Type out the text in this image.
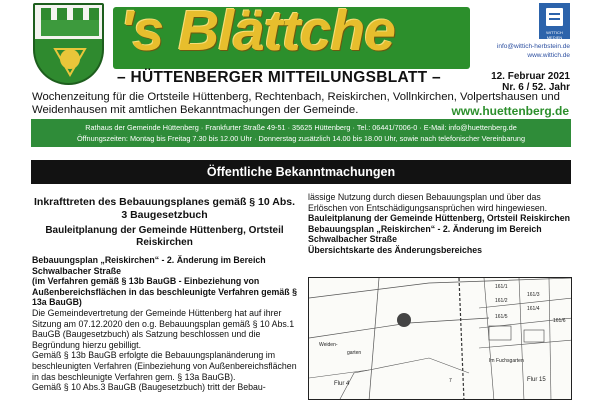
's Blättche
– HÜTTENBERGER MITTEILUNGSBLATT –
WITTICH MEDIEN
info@wittich-herbstein.de
www.wittich.de
12. Februar 2021
Nr. 6 / 52. Jahr
Wochenzeitung für die Ortsteile Hüttenberg, Rechtenbach, Reiskirchen, Vollnkirchen, Volpertshausen und Weidenhausen mit amtlichen Bekanntmachungen der Gemeinde.	www.huettenberg.de
Rathaus der Gemeinde Hüttenberg · Frankfurter Straße 49-51 · 35625 Hüttenberg · Tel.: 06441/7006-0 · E-Mail: info@huettenberg.de
Öffnungszeiten: Montag bis Freitag 7.30 bis 12.00 Uhr · Donnerstag zusätzlich 14.00 bis 18.00 Uhr, sowie nach telefonischer Vereinbarung
Öffentliche Bekanntmachungen
Inkrafttreten des Bebauungsplanes gemäß § 10 Abs. 3 Baugesetzbuch
Bauleitplanung der Gemeinde Hüttenberg, Ortsteil Reiskirchen
Bebauungsplan „Reiskirchen“ - 2. Änderung im Bereich Schwalbacher Straße
(im Verfahren gemäß § 13b BauGB - Einbeziehung von Außenbereichsflächen in das beschleunigte Verfahren gemäß § 13a BauGB)
Die Gemeindevertretung der Gemeinde Hüttenberg hat auf ihrer Sitzung am 07.12.2020 den o.g. Bebauungsplan gemäß § 10 Abs.1 BauGB (Baugesetzbuch) als Satzung beschlossen und die Begründung hierzu gebilligt.
Gemäß § 13b BauGB erfolgte die Bebauungsplanänderung im beschleunigten Verfahren (Einbeziehung von Außenbereichsflächen in das beschleunigte Verfahren gem. § 13a BauGB).
Gemäß § 10 Abs.3 BauGB (Baugesetzbuch) tritt der Bebau-
lässige Nutzung durch diesen Bebauungsplan und über das Erlöschen von Entschädigungsansprüchen wird hingewiesen.
Bauleitplanung der Gemeinde Hüttenberg, Ortsteil Reiskirchen
Bebauungsplan „Reiskirchen“ - 2. Änderung im Bereich Schwalbacher Straße
Übersichtskarte des Änderungsbereiches
Weiden-
garten
Flur 4
Flur 15
Im Fuchsgarten
161/1
161/2
161/3
161/4
161/5
161/6
7
